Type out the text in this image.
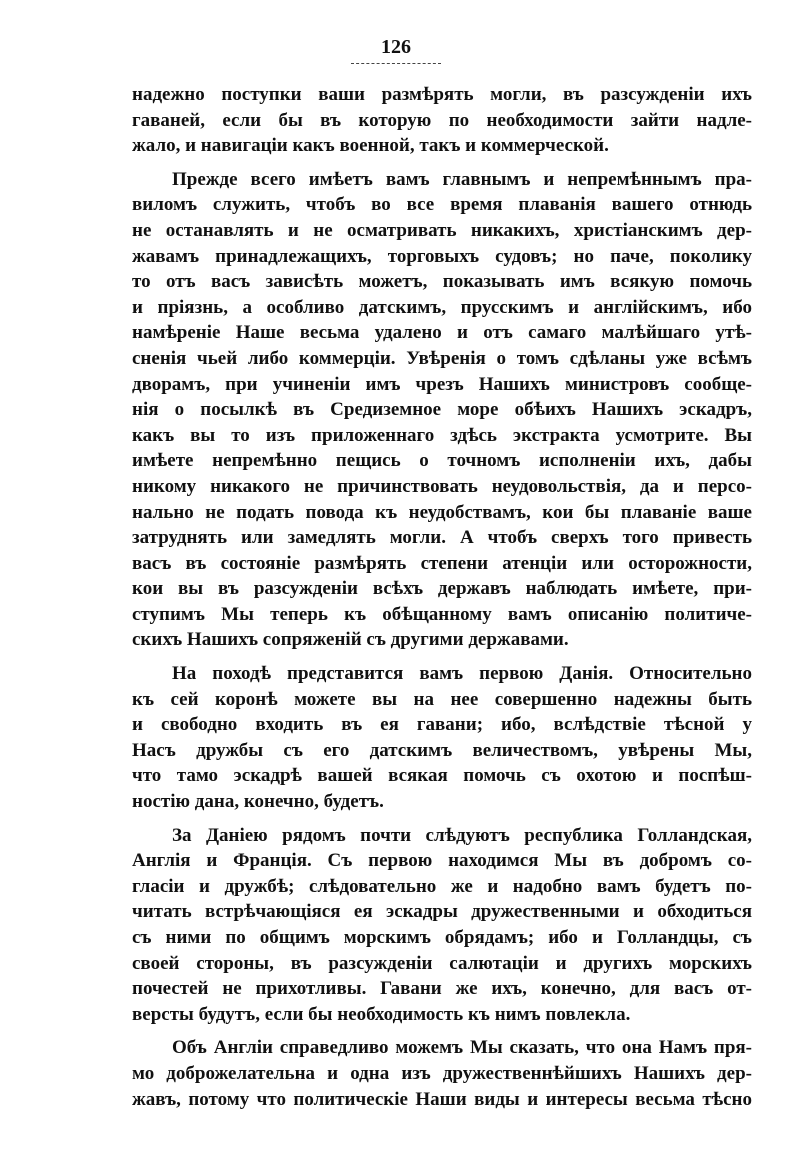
126
надежно поступки ваши размѣрять могли, въ разсужденіи ихъ
гаваней, если бы въ которую по необходимости зайти надле-
жало, и навигаціи какъ военной, такъ и коммерческой.
Прежде всего имѣетъ вамъ главнымъ и непремѣннымъ пра-
виломъ служить, чтобъ во все время плаванія вашего отнюдь
не останавлять и не осматривать никакихъ, христіанскимъ дер-
жавамъ принадлежащихъ, торговыхъ судовъ; но паче, поколику
то отъ васъ зависѣть можетъ, показывать имъ всякую помочь
и пріязнь, а особливо датскимъ, прусскимъ и англійскимъ, ибо
намѣреніе Наше весьма удалено и отъ самаго малѣйшаго утѣ-
сненія чьей либо коммерціи. Увѣренія о томъ сдѣланы уже всѣмъ
дворамъ, при учиненіи имъ чрезъ Нашихъ министровъ сообще-
нія о посылкѣ въ Средиземное море обѣихъ Нашихъ эскадръ,
какъ вы то изъ приложеннаго здѣсь экстракта усмотрите. Вы
имѣете непремѣнно пещись о точномъ исполненіи ихъ, дабы
никому никакого не причинствовать неудовольствія, да и персо-
нально не подать повода къ неудобствамъ, кои бы плаваніе ваше
затруднять или замедлять могли. А чтобъ сверхъ того привесть
васъ въ состояніе размѣрять степени атенціи или осторожности,
кои вы въ разсужденіи всѣхъ державъ наблюдать имѣете, при-
ступимъ Мы теперь къ обѣщанному вамъ описанію политиче-
скихъ Нашихъ сопряженій съ другими державами.
На походѣ представится вамъ первою Данія. Относительно
къ сей коронѣ можете вы на нее совершенно надежны быть
и свободно входить въ ея гавани; ибо, вслѣдствіе тѣсной у
Насъ дружбы съ его датскимъ величествомъ, увѣрены Мы,
что тамо эскадрѣ вашей всякая помочь съ охотою и поспѣш-
ностію дана, конечно, будетъ.
За Даніею рядомъ почти слѣдуютъ республика Голландская,
Англія и Франція. Съ первою находимся Мы въ добромъ со-
гласіи и дружбѣ; слѣдовательно же и надобно вамъ будетъ по-
читать встрѣчающіяся ея эскадры дружественными и обходиться
съ ними по общимъ морскимъ обрядамъ; ибо и Голландцы, съ
своей стороны, въ разсужденіи салютаціи и другихъ морскихъ
почестей не прихотливы. Гавани же ихъ, конечно, для васъ от-
версты будутъ, если бы необходимость къ нимъ повлекла.
Объ Англіи справедливо можемъ Мы сказать, что она Намъ пря-
мо доброжелательна и одна изъ дружественнѣйшихъ Нашихъ дер-
жавъ, потому что политическіе Наши виды и интересы весьма тѣсно
